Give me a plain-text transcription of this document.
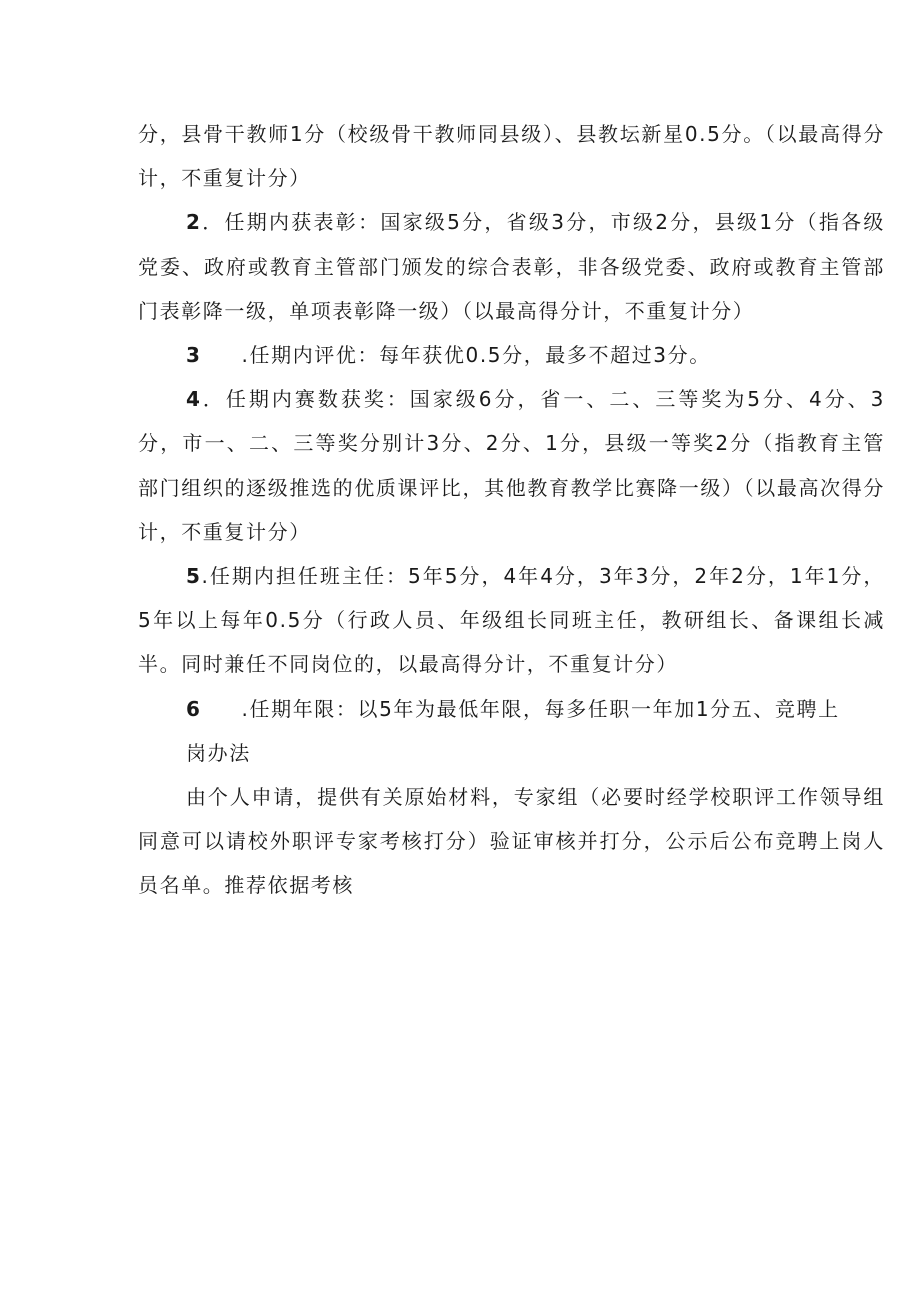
分，县骨干教师1分（校级骨干教师同县级）、县教坛新星0.5分。（以最高得分计，不重复计分）

2．任期内获表彰：国家级5分，省级3分，市级2分，县级1分（指各级党委、政府或教育主管部门颁发的综合表彰，非各级党委、政府或教育主管部门表彰降一级，单项表彰降一级）（以最高得分计，不重复计分）

3 .任期内评优：每年获优0.5分，最多不超过3分。

4．任期内赛数获奖：国家级6分，省一、二、三等奖为5分、4分、3分，市一、二、三等奖分别计3分、2分、1分，县级一等奖2分（指教育主管部门组织的逐级推选的优质课评比，其他教育教学比赛降一级）（以最高次得分计，不重复计分）

5.任期内担任班主任：5年5分，4年4分，3年3分，2年2分，1年1分，5年以上每年0.5分（行政人员、年级组长同班主任，教研组长、备课组长减半。同时兼任不同岗位的，以最高得分计，不重复计分）

6 .任期年限：以5年为最低年限，每多任职一年加1分五、竞聘上

岗办法

由个人申请，提供有关原始材料，专家组（必要时经学校职评工作领导组同意可以请校外职评专家考核打分）验证审核并打分，公示后公布竞聘上岗人员名单。推荐依据考核
